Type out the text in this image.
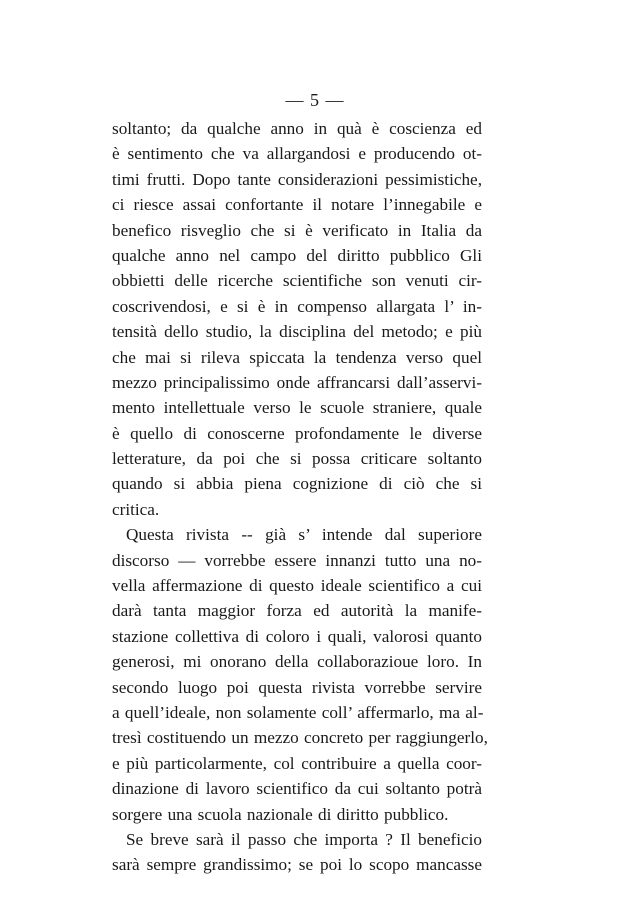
— 5 —
soltanto; da qualche anno in quà è coscienza ed
è sentimento che va allargandosi e producendo ot-
timi frutti. Dopo tante considerazioni pessimistiche,
ci riesce assai confortante il notare l’innegabile e
benefico risveglio che si è verificato in Italia da
qualche anno nel campo del diritto pubblico Gli
obbietti delle ricerche scientifiche son venuti cir-
coscrivendosi, e si è in compenso allargata l’ in-
tensità dello studio, la disciplina del metodo; e più
che mai si rileva spiccata la tendenza verso quel
mezzo principalissimo onde affrancarsi dall’asservi-
mento intellettuale verso le scuole straniere, quale
è quello di conoscerne profondamente le diverse
letterature, da poi che si possa criticare soltanto
quando si abbia piena cognizione di ciò che si
critica.
Questa rivista -- già s’ intende dal superiore
discorso — vorrebbe essere innanzi tutto una no-
vella affermazione di questo ideale scientifico a cui
darà tanta maggior forza ed autorità la manife-
stazione collettiva di coloro i quali, valorosi quanto
generosi, mi onorano della collaborazioue loro. In
secondo luogo poi questa rivista vorrebbe servire
a quell’ideale, non solamente coll’ affermarlo, ma al-
tresì costituendo un mezzo concreto per raggiungerlo,
e più particolarmente, col contribuire a quella coor-
dinazione di lavoro scientifico da cui soltanto potrà
sorgere una scuola nazionale di diritto pubblico.
Se breve sarà il passo che importa ? Il beneficio
sarà sempre grandissimo; se poi lo scopo mancasse
